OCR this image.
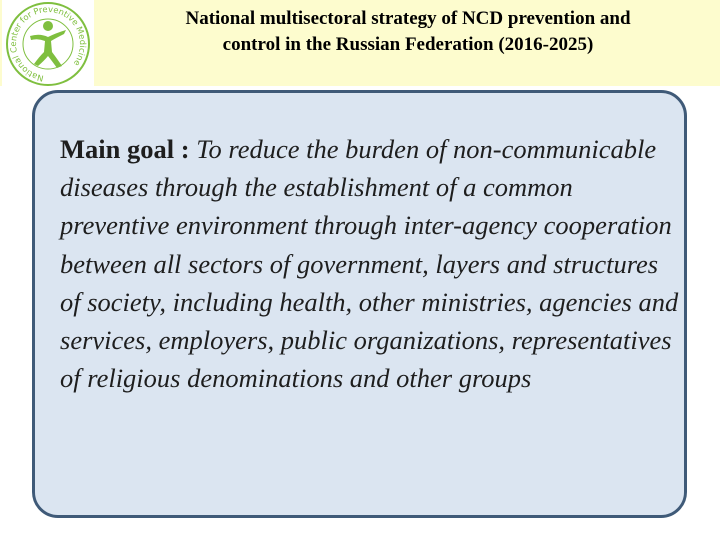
National Center for Preventive Medicine
National multisectoral strategy of NCD prevention and
control in the Russian Federation (2016-2025)

Main goal : To reduce the burden of non-communicable diseases through the establishment of a common preventive environment through inter-agency cooperation between all sectors of government, layers and structures of society, including health, other ministries, agencies and services, employers, public organizations, representatives of religious denominations and other groups
